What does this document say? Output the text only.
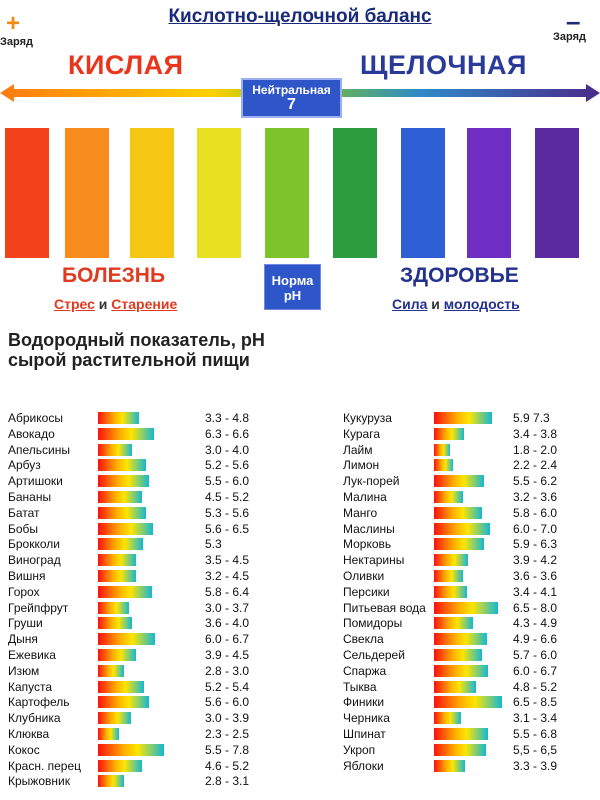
Кислотно-щелочной баланс
+
Заряд
–
Заряд
КИСЛАЯ	ЩЕЛОЧНАЯ
Нейтральная
7
Норма
pH
БОЛЕЗНЬ	ЗДОРОВЬЕ
Стрес и Старение	Сила и молодость
Водородный показатель, pH
сырой растительной пищи
Абрикосы	3.3 - 4.8
Авокадо	6.3 - 6.6
Апельсины	3.0 - 4.0
Арбуз	5.2 - 5.6
Артишоки	5.5 - 6.0
Бананы	4.5 - 5.2
Батат	5.3 - 5.6
Бобы	5.6 - 6.5
Брокколи	5.3
Виноград	3.5 - 4.5
Вишня	3.2 - 4.5
Горох	5.8 - 6.4
Грейпфрут	3.0 - 3.7
Груши	3.6 - 4.0
Дыня	6.0 - 6.7
Ежевика	3.9 - 4.5
Изюм	2.8 - 3.0
Капуста	5.2 - 5.4
Картофель	5.6 - 6.0
Клубника	3.0 - 3.9
Клюква	2.3 - 2.5
Кокос	5.5 - 7.8
Красн. перец	4.6 - 5.2
Крыжовник	2.8 - 3.1
Кукуруза	5.9 7.3
Курага	3.4 - 3.8
Лайм	1.8 - 2.0
Лимон	2.2 - 2.4
Лук-порей	5.5 - 6.2
Малина	3.2 - 3.6
Манго	5.8 - 6.0
Маслины	6.0 - 7.0
Морковь	5.9 - 6.3
Нектарины	3.9 - 4.2
Оливки	3.6 - 3.6
Персики	3.4 - 4.1
Питьевая вода	6.5 - 8.0
Помидоры	4.3 - 4.9
Свекла	4.9 - 6.6
Сельдерей	5.7 - 6.0
Спаржа	6.0 - 6.7
Тыква	4.8 - 5.2
Финики	6.5 - 8.5
Черника	3.1 - 3.4
Шпинат	5.5 - 6.8
Укроп	5,5 - 6,5
Яблоки	3.3 - 3.9
